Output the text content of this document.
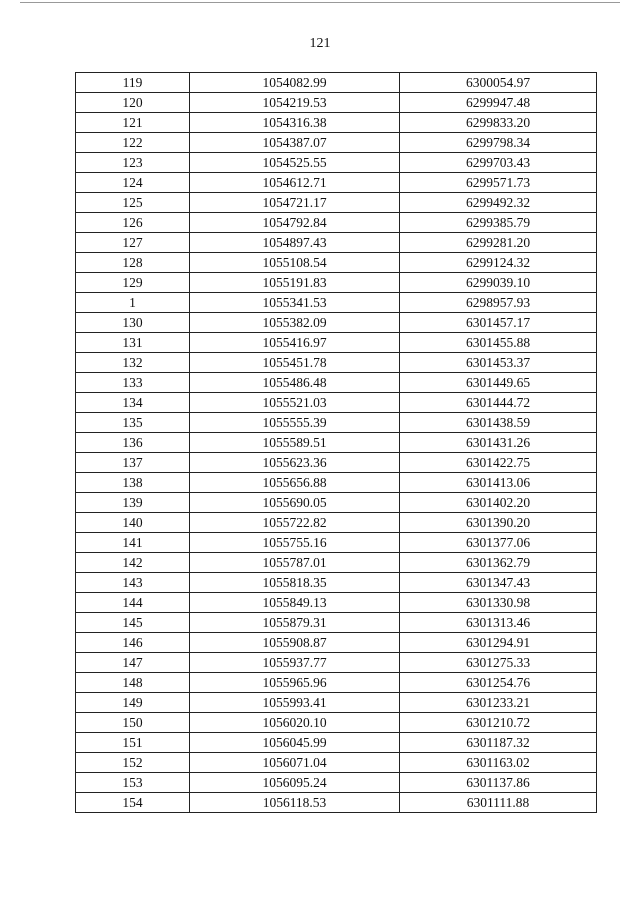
121
119	1054082.99	6300054.97
120	1054219.53	6299947.48
121	1054316.38	6299833.20
122	1054387.07	6299798.34
123	1054525.55	6299703.43
124	1054612.71	6299571.73
125	1054721.17	6299492.32
126	1054792.84	6299385.79
127	1054897.43	6299281.20
128	1055108.54	6299124.32
129	1055191.83	6299039.10
1	1055341.53	6298957.93
130	1055382.09	6301457.17
131	1055416.97	6301455.88
132	1055451.78	6301453.37
133	1055486.48	6301449.65
134	1055521.03	6301444.72
135	1055555.39	6301438.59
136	1055589.51	6301431.26
137	1055623.36	6301422.75
138	1055656.88	6301413.06
139	1055690.05	6301402.20
140	1055722.82	6301390.20
141	1055755.16	6301377.06
142	1055787.01	6301362.79
143	1055818.35	6301347.43
144	1055849.13	6301330.98
145	1055879.31	6301313.46
146	1055908.87	6301294.91
147	1055937.77	6301275.33
148	1055965.96	6301254.76
149	1055993.41	6301233.21
150	1056020.10	6301210.72
151	1056045.99	6301187.32
152	1056071.04	6301163.02
153	1056095.24	6301137.86
154	1056118.53	6301111.88
